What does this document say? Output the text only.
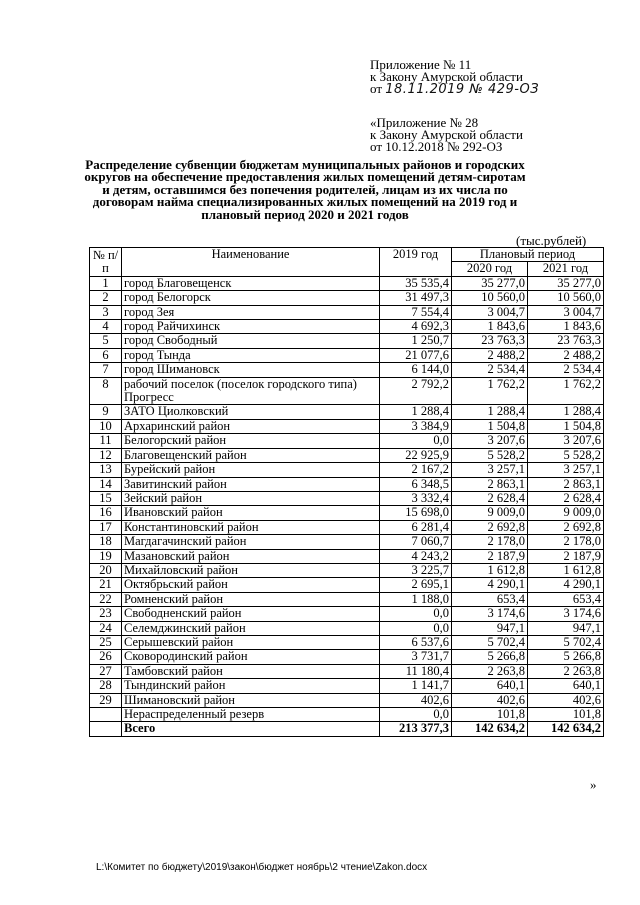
Приложение № 11
к Закону Амурской области
от 18.11.2019 № 429-ОЗ
«Приложение № 28
к Закону Амурской области
от 10.12.2018 № 292-ОЗ
Распределение субвенции бюджетам муниципальных районов и городских округов на обеспечение предоставления жилых помещений детям-сиротам и детям, оставшимся без попечения родителей, лицам из их числа по договорам найма специализированных жилых помещений на 2019 год и плановый период 2020 и 2021 годов
(тыс.рублей)
№ п/п	Наименование	2019 год	Плановый период	
			2020 год	2021 год
1	город Благовещенск	35 535,4	35 277,0	35 277,0
2	город Белогорск	31 497,3	10 560,0	10 560,0
3	город Зея	7 554,4	3 004,7	3 004,7
4	город Райчихинск	4 692,3	1 843,6	1 843,6
5	город Свободный	1 250,7	23 763,3	23 763,3
6	город Тында	21 077,6	2 488,2	2 488,2
7	город Шимановск	6 144,0	2 534,4	2 534,4
8	рабочий поселок (поселок городского типа) Прогресс	2 792,2	1 762,2	1 762,2
9	ЗАТО Циолковский	1 288,4	1 288,4	1 288,4
10	Архаринский район	3 384,9	1 504,8	1 504,8
11	Белогорский район	0,0	3 207,6	3 207,6
12	Благовещенский район	22 925,9	5 528,2	5 528,2
13	Бурейский район	2 167,2	3 257,1	3 257,1
14	Завитинский район	6 348,5	2 863,1	2 863,1
15	Зейский район	3 332,4	2 628,4	2 628,4
16	Ивановский район	15 698,0	9 009,0	9 009,0
17	Константиновский район	6 281,4	2 692,8	2 692,8
18	Магдагачинский район	7 060,7	2 178,0	2 178,0
19	Мазановский район	4 243,2	2 187,9	2 187,9
20	Михайловский район	3 225,7	1 612,8	1 612,8
21	Октябрьский район	2 695,1	4 290,1	4 290,1
22	Ромненский район	1 188,0	653,4	653,4
23	Свободненский район	0,0	3 174,6	3 174,6
24	Селемджинский район	0,0	947,1	947,1
25	Серышевский район	6 537,6	5 702,4	5 702,4
26	Сковородинский район	3 731,7	5 266,8	5 266,8
27	Тамбовский район	11 180,4	2 263,8	2 263,8
28	Тындинский район	1 141,7	640,1	640,1
29	Шимановский район	402,6	402,6	402,6
	Нераспределенный резерв	0,0	101,8	101,8
	Всего	213 377,3	142 634,2	142 634,2
»
L:\Комитет по бюджету\2019\закон\бюджет ноябрь\2 чтение\Zakon.docx
